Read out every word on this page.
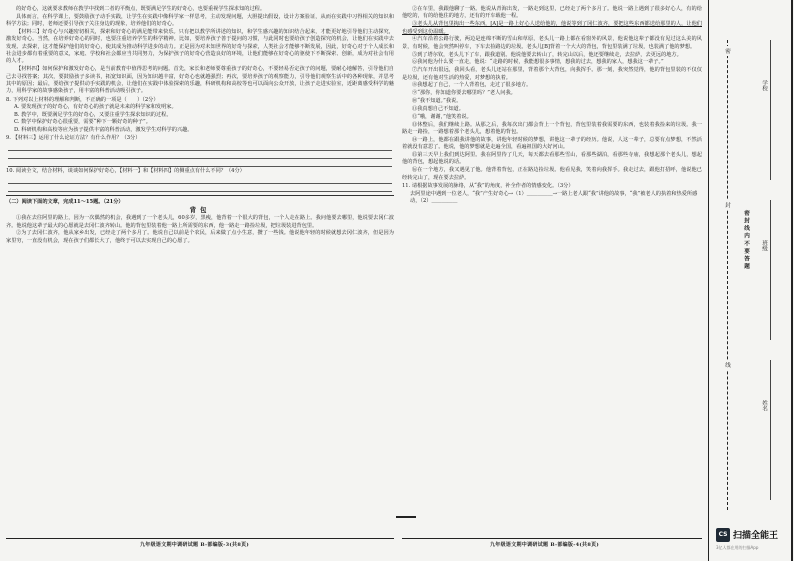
的好奇心，这就要求教师在教学中找到二者的平衡点，既要满足学生的好奇心，也要重视学生探求知的过程。

具体而言，在科学课上，要鼓励孩子动手实践，让学生在实践中像科学家一样思考，主动发现问题，大胆提出假设，设计方案验证，从而在实践中习得相关的知识和科学方法；同时，老师还要引导孩子关注身边的现象，培养他们的好奇心。

【材料三】好奇心与兴趣密切相关，探索和好奇心的满足能带来快乐。只有把以教学所讲述的知识，和学生感兴趣的知识结合起来，才能更好地引导他们主动探究，激发好奇心。当然，在培养好奇心的同时，也要注重培养学生的科学精神。比如，要培养孩子善于提问的习惯，与此同时也要给孩子创造探究的机会，让他们在实践中去发现、去探索，这才能保护他们的好奇心，使其成为推动科学进步的动力。正是因为对未知世界的好奇与探索，人类社会才能够不断发展，因此，好奇心对于个人成长和社会进步都有着重要的意义，家庭、学校和社会都应当共同努力，为保护孩子的好奇心营造良好的环境，让他们能够在好奇心的驱使下不断探索、创新，成为对社会有用的人才。

【材料四】如何保护和激发好奇心，是当前教育中值得思考的问题。首先，家长和老师要尊重孩子的好奇心，不要轻易否定孩子的问题，要耐心地解答，引导他们自己去寻找答案；其次，要鼓励孩子多读书，拓宽知识面，因为知识越丰富，好奇心也就越强烈；再次，要培养孩子的观察能力，引导他们观察生活中的各种现象，并思考其中的原因；最后，要给孩子提供动手实践的机会，让他们在实践中体验探索的乐趣，科研机构和高校等也可以面向公众开放，让孩子走进实验室，近距离感受科学的魅力，用科学家的故事感染孩子，用丰富的科普活动吸引孩子。

8. 下列对以上材料的理解和判断，不正确的一项是（　　）（2分）

A. 要发现孩子的好奇心，有好奇心的孩子就是未来的科学家和发明家。

B. 教学中，既要满足学生的好奇心，又要注重学生探求知识的过程。

C. 数学中保护好奇心很重要，需要“种下一颗好奇的种子”。

D. 科研机构和高校等应为孩子提供丰富的科普活动，激发学生对科学的兴趣。

9. 【材料三】运用了什么论证方法？有什么作用？（3分）

10. 阅读全文，结合材料，谈谈如何保护好奇心，【材料一】和【材料四】的侧重点有什么不同？（4分）

（二）阅读下面的文章，完成11～15题。（21分）

背包

①我在去往阿里的路上，因为一次偶然的机会，我遇到了一个老头儿，60多岁，黑瘦，他背着一个很大的背包，一个人走在路上。我问他要去哪里，他说要去冈仁波齐。他说他这辈子最大的心愿就是去冈仁波齐转山。他的背包里装着他一路上所需要的东西，他一路走一路捡垃圾，把垃圾装进背包里。

②为了去冈仁波齐，他从家乡出发，已经走了两个多月了。他说自己以前是个农民，后来做了点小生意，攒了一些钱。他说他年轻的时候就想去冈仁波齐，但是因为家里穷，一直没有机会，现在孩子们都长大了，他终于可以去实现自己的心愿了。

九年级语文期中调研试题 B-部编版-3(共8页)

②在车里，我跟他聊了一路。他说从青海出发，一路走到这里，已经走了两个多月了。他说一路上遇到了很多好心人，有的给他吃的，有的给他住的地方，还有的开车载他一程。

③老头儿从背包里掏出一些东西，[A]是一路上好心人送给他的，他说等到了冈仁波齐，要把这些东西都送给那里的人，让他们也感受到这份温暖。

④汽车沿着公路行驶，两边是连绵不断的雪山和草原，老头儿一路上都在看窗外的风景，他说他这辈子都没有见过这么美的风景，有时候，他会突然叫停车，下车去捡路边的垃圾。老头儿[B]背着一个大大的背包，背包里装满了垃圾，也装满了他的梦想。

⑤到了塔尔钦，老头儿下了车，跟我道别。他说他要去转山了，转完山以后，他还要继续走，去拉萨，去更远的地方。

⑥我问他为什么要一直走，他说：“走路的时候，我能想很多事情，想我的过去，想我的家人，想我这一辈子。”

⑦汽车开出很远，我回头看，老头儿还站在那里，背着那个大背包，向我挥手。那一刻，我突然觉得，他的背包里装的不仅仅是垃圾，还有他对生活的热爱，对梦想的执着。

⑧我想起了自己，一个人背着包，走过了很多地方。

⑨“那你，你知道你要去哪里吗？”老人问我。

⑩“我不知道。”我说。

⑪我真想自己不知道。

⑫“哦，谢谢，”他笑着说。

⑬休整后，我们继续上路。从那之后，我每次出门都会背上一个背包，背包里装着我需要的东西，也装着我捡来的垃圾。我一路走一路捡，一路想着那个老头儿，想着他的背包。

⑭一路上，他都在跟我讲他的故事，讲他年轻时候的梦想，讲他这一辈子的经历。他说，人这一辈子，总要有点梦想，不然活着就没有意思了。他说，他的梦想就是走遍全国，看遍祖国的大好河山。

⑮第三天早上我们到达阿里。我在阿里待了几天，每天都去看那些雪山，看那些湖泊，看那些寺庙，我想起那个老头儿，想起他的背包，想起他说的话。

⑯在一个地方，我又遇见了他。他背着背包，正在路边捡垃圾。他看见我，笑着向我挥手。我走过去，跟他打招呼，他说他已经转完山了，现在要去拉萨。

11. 请根据故事发展的脉络，从“我”的角度，补全作者的情感变化。（3分）

去阿里途中遇到一位老人，“我”产生好奇心→（1）＿＿＿＿＿→一路上老人跟“我”讲他的故事，“我”被老人的执着和热爱所感动，（2）＿＿＿＿＿

九年级语文期中调研试题 B-部编版-4(共8页)
密
封
线
密封线内不要答题
学校
班级
姓名
CS 扫描全能王
3亿人都在用的扫描App
